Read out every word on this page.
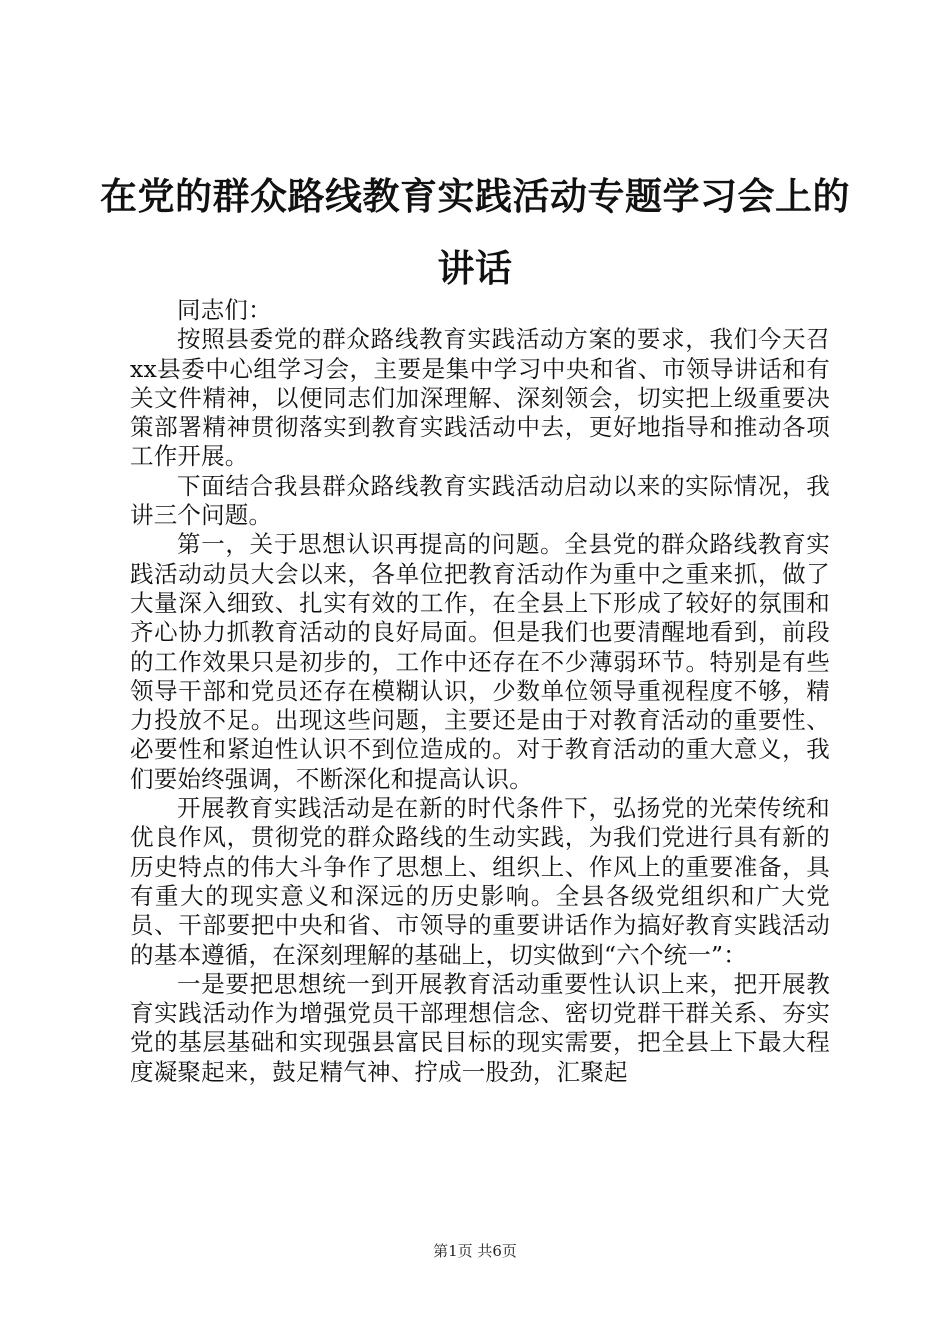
在党的群众路线教育实践活动专题学习会上的讲话

同志们：

按照县委党的群众路线教育实践活动方案的要求，我们今天召xx县委中心组学习会，主要是集中学习中央和省、市领导讲话和有关文件精神，以便同志们加深理解、深刻领会，切实把上级重要决策部署精神贯彻落实到教育实践活动中去，更好地指导和推动各项工作开展。

下面结合我县群众路线教育实践活动启动以来的实际情况，我讲三个问题。

第一，关于思想认识再提高的问题。全县党的群众路线教育实践活动动员大会以来，各单位把教育活动作为重中之重来抓，做了大量深入细致、扎实有效的工作，在全县上下形成了较好的氛围和齐心协力抓教育活动的良好局面。但是我们也要清醒地看到，前段的工作效果只是初步的，工作中还存在不少薄弱环节。特别是有些领导干部和党员还存在模糊认识，少数单位领导重视程度不够，精力投放不足。出现这些问题，主要还是由于对教育活动的重要性、必要性和紧迫性认识不到位造成的。对于教育活动的重大意义，我们要始终强调，不断深化和提高认识。

开展教育实践活动是在新的时代条件下，弘扬党的光荣传统和优良作风，贯彻党的群众路线的生动实践，为我们党进行具有新的历史特点的伟大斗争作了思想上、组织上、作风上的重要准备，具有重大的现实意义和深远的历史影响。全县各级党组织和广大党员、干部要把中央和省、市领导的重要讲话作为搞好教育实践活动的基本遵循，在深刻理解的基础上，切实做到“六个统一”：

一是要把思想统一到开展教育活动重要性认识上来，把开展教育实践活动作为增强党员干部理想信念、密切党群干群关系、夯实党的基层基础和实现强县富民目标的现实需要，把全县上下最大程度凝聚起来，鼓足精气神、拧成一股劲，汇聚起

第1页 共6页
